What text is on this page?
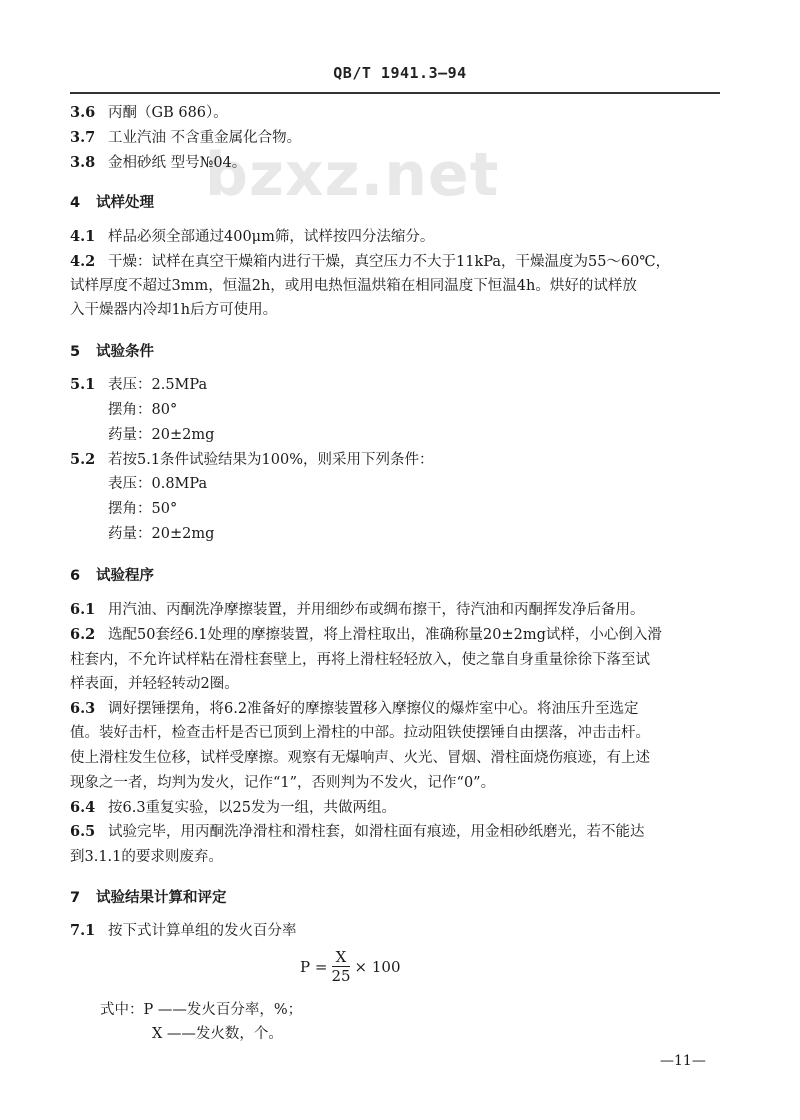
QB/T 1941.3—94
bzxz.net
3.6 丙酮（GB 686）。
3.7 工业汽油 不含重金属化合物。
3.8 金相砂纸 型号№04。
4 试样处理
4.1 样品必须全部通过400μm筛，试样按四分法缩分。
4.2 干燥：试样在真空干燥箱内进行干燥，真空压力不大于11kPa，干燥温度为55～60℃，
试样厚度不超过3mm，恒温2h，或用电热恒温烘箱在相同温度下恒温4h。烘好的试样放
入干燥器内冷却1h后方可使用。
5 试验条件
5.1 表压：2.5MPa
摆角：80°
药量：20±2mg
5.2 若按5.1条件试验结果为100%，则采用下列条件：
表压：0.8MPa
摆角：50°
药量：20±2mg
6 试验程序
6.1 用汽油、丙酮洗净摩擦装置，并用细纱布或绸布擦干，待汽油和丙酮挥发净后备用。
6.2 选配50套经6.1处理的摩擦装置，将上滑柱取出，准确称量20±2mg试样，小心倒入滑
柱套内，不允许试样粘在滑柱套壁上，再将上滑柱轻轻放入，使之靠自身重量徐徐下落至试
样表面，并轻轻转动2圈。
6.3 调好摆锤摆角，将6.2准备好的摩擦装置移入摩擦仪的爆炸室中心。将油压升至选定
值。装好击杆，检查击杆是否已顶到上滑柱的中部。拉动阻铁使摆锤自由摆落，冲击击杆。
使上滑柱发生位移，试样受摩擦。观察有无爆响声、火光、冒烟、滑柱面烧伤痕迹，有上述
现象之一者，均判为发火，记作“1”，否则判为不发火，记作“0”。
6.4 按6.3重复实验，以25发为一组，共做两组。
6.5 试验完毕，用丙酮洗净滑柱和滑柱套，如滑柱面有痕迹，用金相砂纸磨光，若不能达
到3.1.1的要求则废弃。
7 试验结果计算和评定
7.1 按下式计算单组的发火百分率
$P = \frac{X}{25} \times 100$
式中：P ——发火百分率，%；
X ——发火数，个。
—11—
